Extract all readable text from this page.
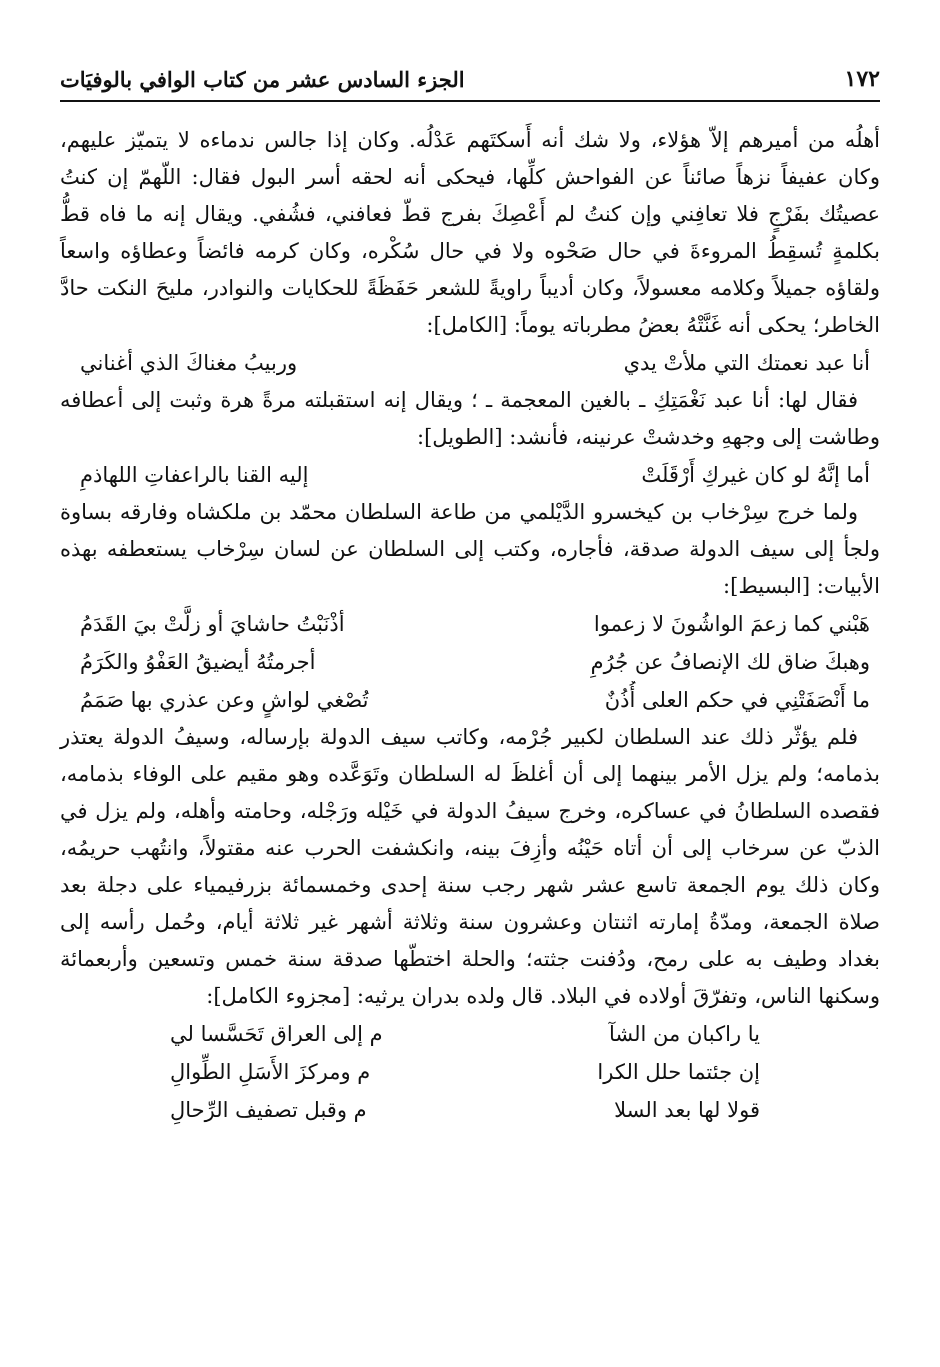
١٧٢
الجزء السادس عشر من كتاب الوافي بالوفيَات

أهلُه من أميرهم إلاّ هؤلاء، ولا شك أنه أَسكتَهم عَدْلُه. وكان إذا جالس ندماءه لا يتميّز عليهم، وكان عفيفاً نزهاً صائناً عن الفواحش كلِّها، فيحكى أنه لحقه أسر البول فقال: اللّهمّ إن كنتُ عصيتُك بفَرْجٍ فلا تعافِني وإن كنتُ لم أَعْصِكَ بفرج قطّ فعافني، فشُفي. ويقال إنه ما فاه قطُّ بكلمةٍ تُسقِطُ المروءةَ في حال صَحْوه ولا في حال سُكْره، وكان كرمه فائضاً وعطاؤه واسعاً ولقاؤه جميلاً وكلامه معسولاً، وكان أديباً راويةً للشعر حَفَظَةً للحكايات والنوادر، مليحَ النكت حادَّ الخاطر؛ يحكى أنه غَنَّتْهُ بعضُ مطرباته يوماً: [الكامل]:

أنا عبد نعمتك التي ملأتْ يدي
وربيبُ مغناكَ الذي أغناني

فقال لها: أنا عبد نَغْمَتِكِ ـ بالغين المعجمة ـ ؛ ويقال إنه استقبلته مرةً هرة وثبت إلى أعطافه وطاشت إلى وجههِ وخدشتْ عرنينه، فأنشد: [الطويل]:

أما إنَّهُ لو كان غيركِ أَرْقَلَتْ
إليه القنا بالراعفاتِ اللهاذمِ

ولما خرج سِرْخاب بن كيخسرو الدَّيْلمي من طاعة السلطان محمّد بن ملكشاه وفارقه بساوة ولجأ إلى سيف الدولة صدقة، فأجاره، وكتب إلى السلطان عن لسان سِرْخاب يستعطفه بهذه الأبيات: [البسيط]:

هَبْني كما زعمَ الواشُونَ لا زعموا
أذْنَبْتُ حاشايَ أو زلَّتْ بيَ القَدَمُ
وهبكَ ضاق لك الإنصافُ عن جُرُمِ
أجرمتُهُ أيضيقُ العَفْوُ والكَرَمُ
ما أَنْصَفَتْنِي في حكم العلى أُذُنٌ
تُصْغي لواشٍ وعن عذري بها صَمَمُ

فلم يؤثّر ذلك عند السلطان لكبير جُرْمه، وكاتب سيف الدولة بإرساله، وسيفُ الدولة يعتذر بذمامه؛ ولم يزل الأمر بينهما إلى أن أغلظَ له السلطان وتَوَعَّده وهو مقيم على الوفاء بذمامه، فقصده السلطانُ في عساكره، وخرج سيفُ الدولة في خَيْله ورَجْله، وحامته وأهله، ولم يزل في الذبّ عن سرخاب إلى أن أتاه حَيْنُه وأزِفَ بينه، وانكشفت الحرب عنه مقتولاً، وانتُهب حريمُه، وكان ذلك يوم الجمعة تاسع عشر شهر رجب سنة إحدى وخمسمائة بزرفيمياء على دجلة بعد صلاة الجمعة، ومدّةُ إمارته اثنتان وعشرون سنة وثلاثة أشهر غير ثلاثة أيام، وحُمل رأسه إلى بغداد وطيف به على رمح، ودُفنت جثته؛ والحلة اختطّها صدقة سنة خمس وتسعين وأربعمائة وسكنها الناس، وتفرّقَ أولاده في البلاد. قال ولده بدران يرثيه: [مجزوء الكامل]:

يا راكبان من الشآ
م إلى العراق تَحَسَّسا لي
إن جئتما حلل الكرا
م ومركزَ الأَسَلِ الطِّوالِ
قولا لها بعد السلا
م وقبل تصفيف الرِّحالِ
